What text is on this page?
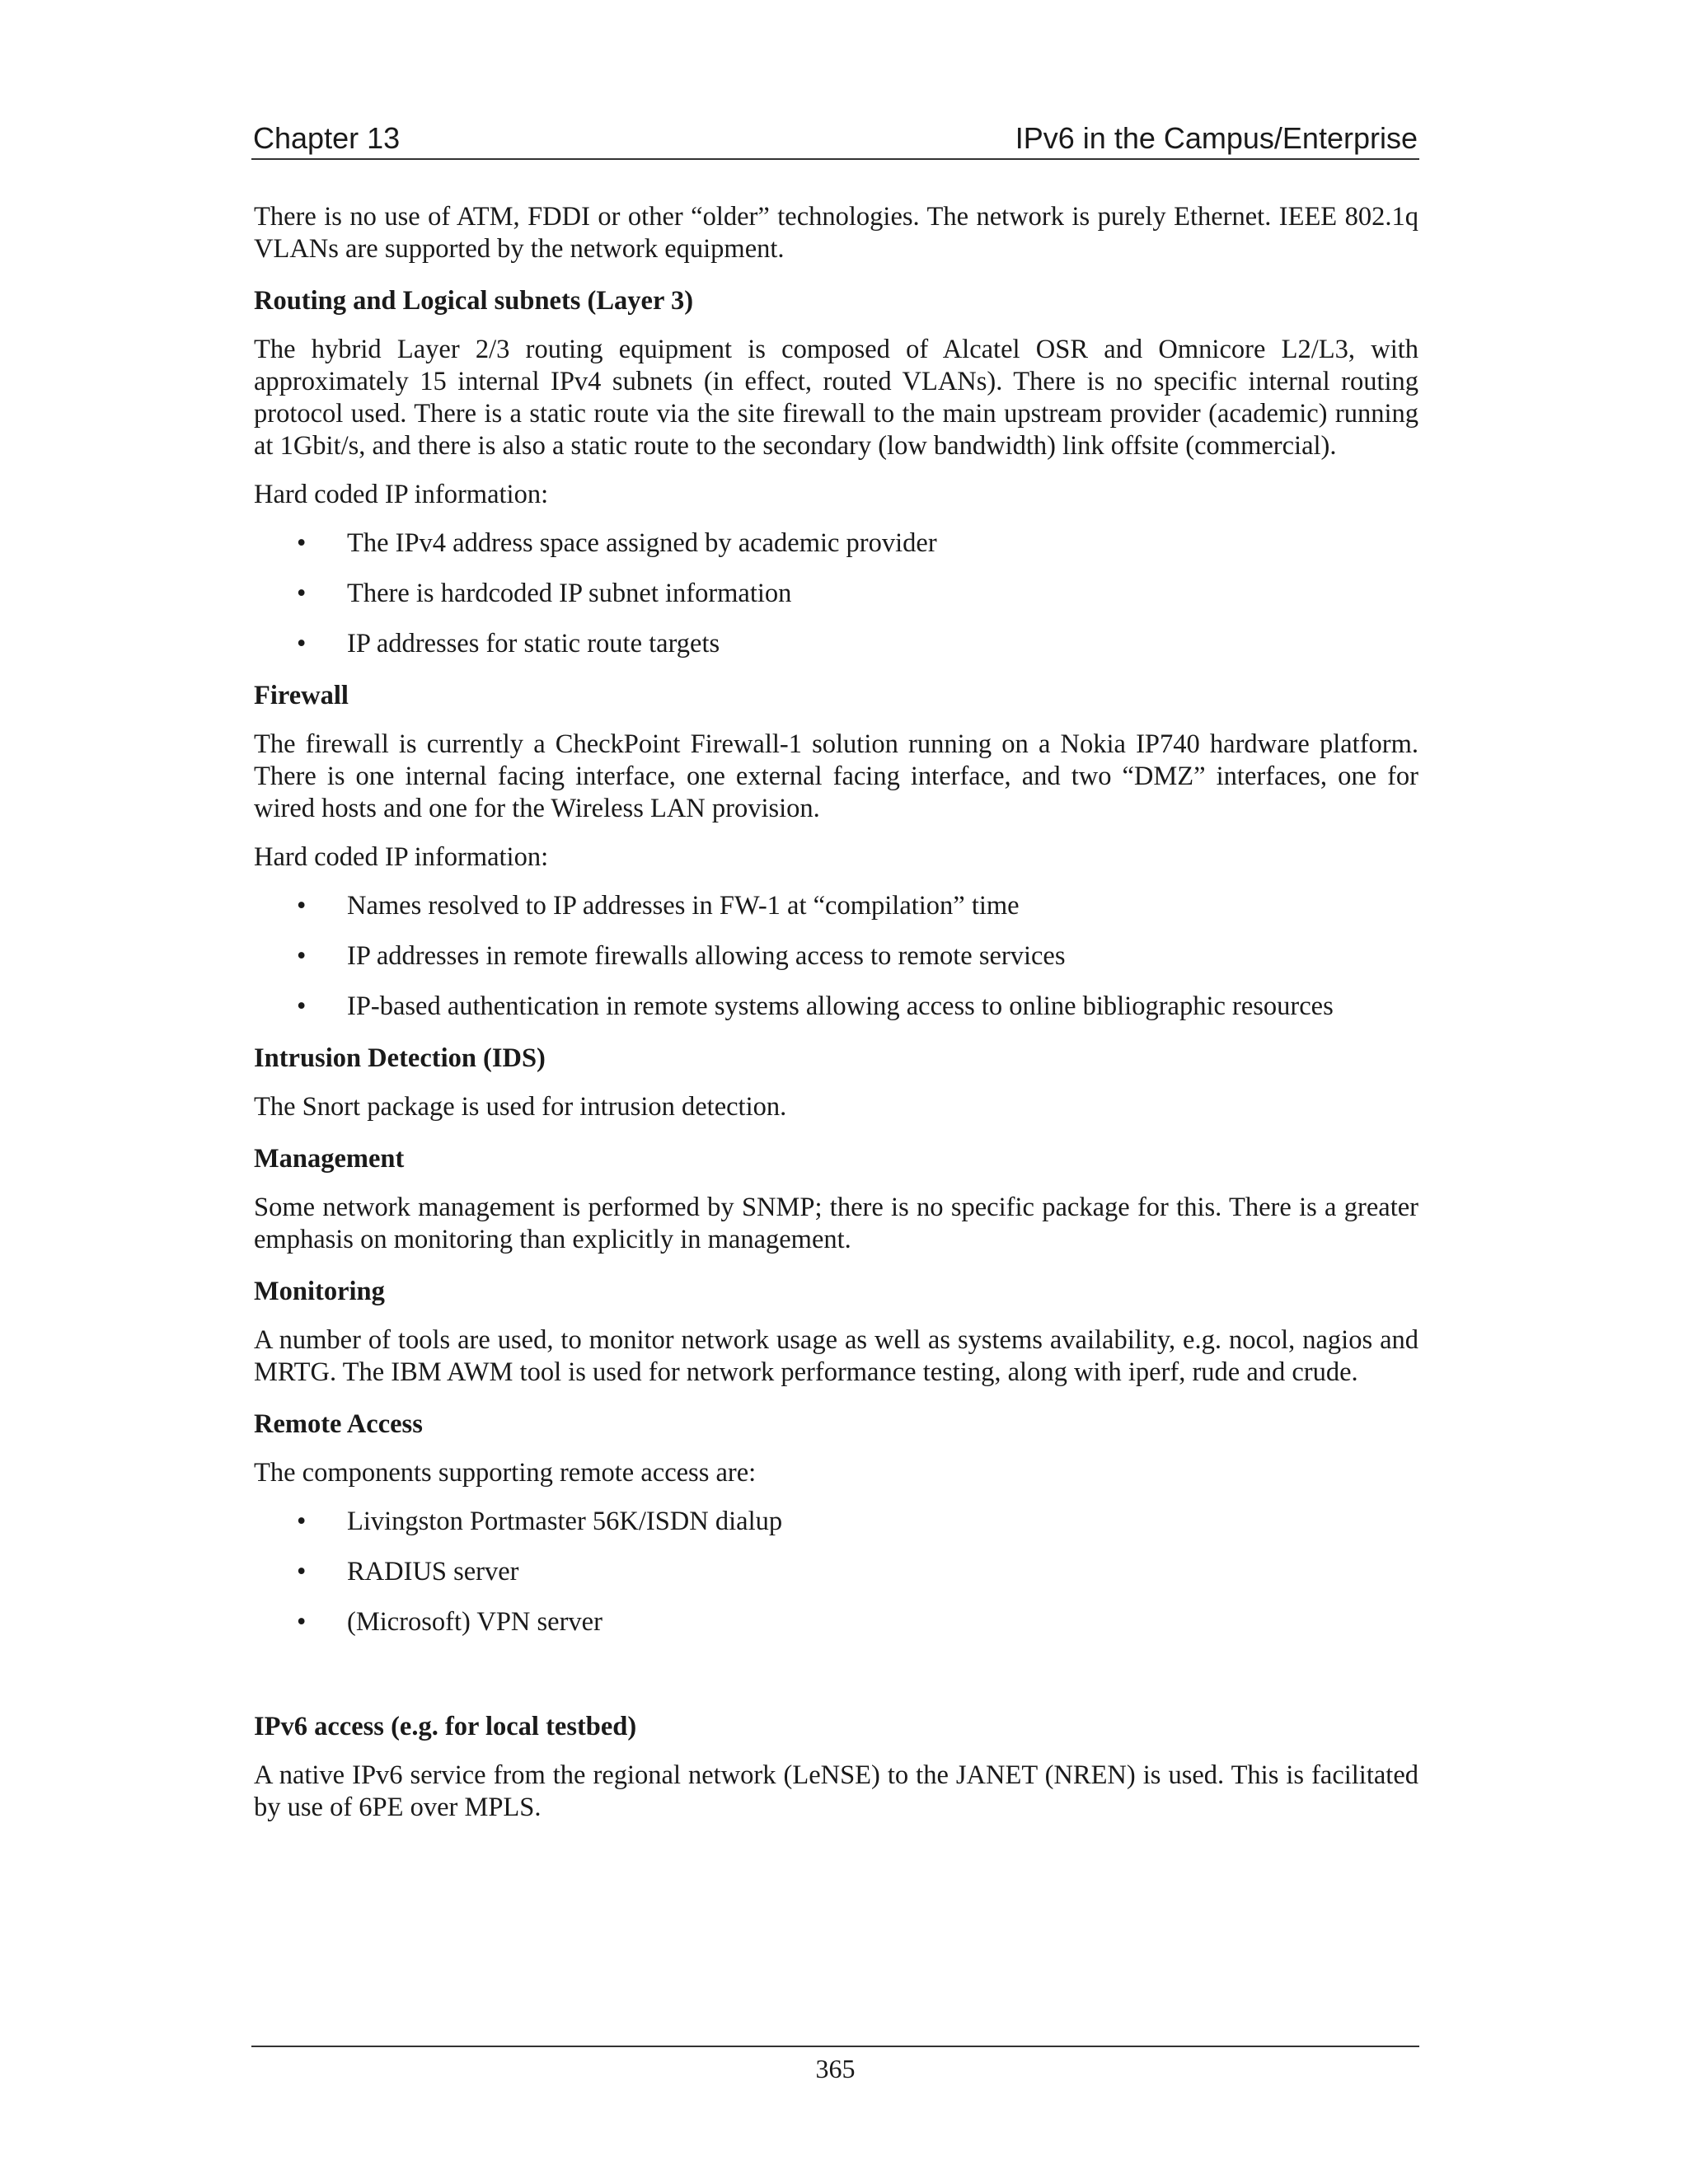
Chapter 13	IPv6 in the Campus/Enterprise

There is no use of ATM, FDDI or other “older” technologies. The network is purely Ethernet. IEEE 802.1q VLANs are supported by the network equipment.

Routing and Logical subnets (Layer 3)

The hybrid Layer 2/3 routing equipment is composed of Alcatel OSR and Omnicore L2/L3, with approximately 15 internal IPv4 subnets (in effect, routed VLANs). There is no specific internal routing protocol used. There is a static route via the site firewall to the main upstream provider (academic) running at 1Gbit/s, and there is also a static route to the secondary (low bandwidth) link offsite (commercial).

Hard coded IP information:

• The IPv4 address space assigned by academic provider
• There is hardcoded IP subnet information
• IP addresses for static route targets
Firewall

The firewall is currently a CheckPoint Firewall-1 solution running on a Nokia IP740 hardware platform. There is one internal facing interface, one external facing interface, and two “DMZ” interfaces, one for wired hosts and one for the Wireless LAN provision.

Hard coded IP information:

• Names resolved to IP addresses in FW-1 at “compilation” time
• IP addresses in remote firewalls allowing access to remote services
• IP-based authentication in remote systems allowing access to online bibliographic resources
Intrusion Detection (IDS)

The Snort package is used for intrusion detection.

Management

Some network management is performed by SNMP; there is no specific package for this. There is a greater emphasis on monitoring than explicitly in management.

Monitoring

A number of tools are used, to monitor network usage as well as systems availability, e.g. nocol, nagios and MRTG. The IBM AWM tool is used for network performance testing, along with iperf, rude and crude.

Remote Access

The components supporting remote access are:

• Livingston Portmaster 56K/ISDN dialup
• RADIUS server
• (Microsoft) VPN server
IPv6 access (e.g. for local testbed)

A native IPv6 service from the regional network (LeNSE) to the JANET (NREN) is used. This is facilitated by use of 6PE over MPLS.

365
